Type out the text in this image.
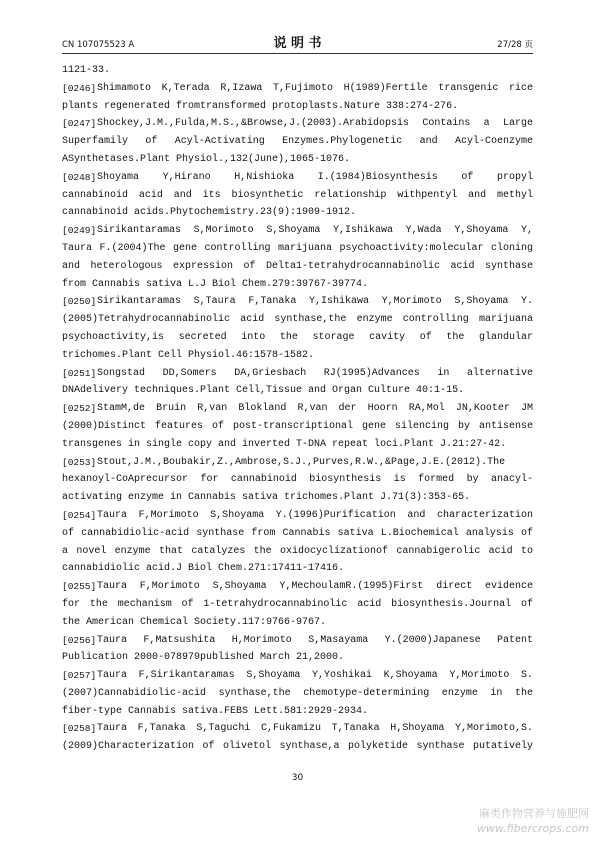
CN 107075523 A	说 明 书	27/28 页
1121-33.
[0246] Shimamoto K,Terada R,Izawa T,Fujimoto H(1989)Fertile transgenic rice
plants regenerated fromtransformed protoplasts.Nature 338:274-276.
[0247] Shockey,J.M.,Fulda,M.S.,&Browse,J.(2003).Arabidopsis Contains a Large
Superfamily of Acyl-Activating Enzymes.Phylogenetic and Acyl-Coenzyme
ASynthetases.Plant Physiol.,132(June),1065-1076.
[0248] Shoyama Y,Hirano H,Nishioka I.(1984)Biosynthesis of propyl
cannabinoid acid and its biosynthetic relationship withpentyl and methyl
cannabinoid acids.Phytochemistry.23(9):1909-1912.
[0249] Sirikantaramas S,Morimoto S,Shoyama Y,Ishikawa Y,Wada Y,Shoyama Y,
Taura F.(2004)The gene controlling marijuana psychoactivity:molecular cloning
and heterologous expression of Delta1-tetrahydrocannabinolic acid synthase
from Cannabis sativa L.J Biol Chem.279:39767-39774.
[0250] Sirikantaramas S,Taura F,Tanaka Y,Ishikawa Y,Morimoto S,Shoyama Y.
(2005)Tetrahydrocannabinolic acid synthase,the enzyme controlling marijuana
psychoactivity,is secreted into the storage cavity of the glandular
trichomes.Plant Cell Physiol.46:1578-1582.
[0251] Songstad DD,Somers DA,Griesbach RJ(1995)Advances in alternative
DNAdelivery techniques.Plant Cell,Tissue and Organ Culture 40:1-15.
[0252] StamM,de Bruin R,van Blokland R,van der Hoorn RA,Mol JN,Kooter JM
(2000)Distinct features of post-transcriptional gene silencing by antisense
transgenes in single copy and inverted T-DNA repeat loci.Plant J.21:27-42.
[0253] Stout,J.M.,Boubakir,Z.,Ambrose,S.J.,Purves,R.W.,&Page,J.E.(2012).The
hexanoyl-CoAprecursor for cannabinoid biosynthesis is formed by anacyl-
activating enzyme in Cannabis sativa trichomes.Plant J.71(3):353-65.
[0254] Taura F,Morimoto S,Shoyama Y.(1996)Purification and characterization
of cannabidiolic-acid synthase from Cannabis sativa L.Biochemical analysis of
a novel enzyme that catalyzes the oxidocyclizationof cannabigerolic acid to
cannabidiolic acid.J Biol Chem.271:17411-17416.
[0255] Taura F,Morimoto S,Shoyama Y,MechoulamR.(1995)First direct evidence
for the mechanism of 1-tetrahydrocannabinolic acid biosynthesis.Journal of
the American Chemical Society.117:9766-9767.
[0256] Taura F,Matsushita H,Morimoto S,Masayama Y.(2000)Japanese Patent
Publication 2000-078979published March 21,2000.
[0257] Taura F,Sirikantaramas S,Shoyama Y,Yoshikai K,Shoyama Y,Morimoto S.
(2007)Cannabidiolic-acid synthase,the chemotype-determining enzyme in the
fiber-type Cannabis sativa.FEBS Lett.581:2929-2934.
[0258] Taura F,Tanaka S,Taguchi C,Fukamizu T,Tanaka H,Shoyama Y,Morimoto,S.
(2009)Characterization of olivetol synthase,a polyketide synthase putatively
30
麻类作物营养与施肥网
www.fibercrops.com
